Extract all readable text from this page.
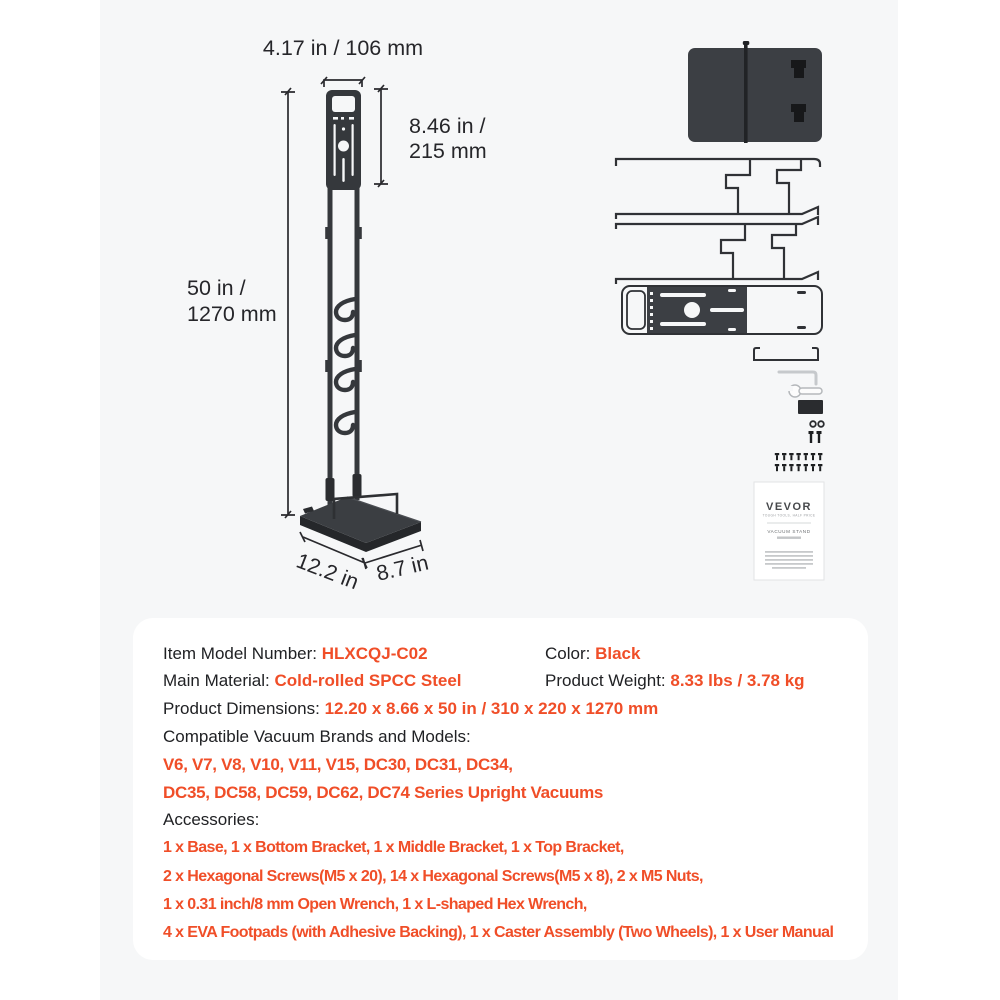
4.17 in / 106 mm
8.46 in /
215 mm
50 in /
1270 mm
12.2 in 8.7 in
VEVOR
TOUGH TOOLS, HALF PRICE
VACUUM STAND
Item Model Number: HLXCQJ-C02	Color: Black
Main Material: Cold-rolled SPCC Steel	Product Weight: 8.33 lbs / 3.78 kg
Product Dimensions: 12.20 x 8.66 x 50 in / 310 x 220 x 1270 mm
Compatible Vacuum Brands and Models:
V6, V7, V8, V10, V11, V15, DC30, DC31, DC34,
DC35, DC58, DC59, DC62, DC74 Series Upright Vacuums
Accessories:
1 x Base, 1 x Bottom Bracket, 1 x Middle Bracket, 1 x Top Bracket,
2 x Hexagonal Screws(M5 x 20), 14 x Hexagonal Screws(M5 x 8), 2 x M5 Nuts,
1 x 0.31 inch/8 mm Open Wrench, 1 x L-shaped Hex Wrench,
4 x EVA Footpads (with Adhesive Backing), 1 x Caster Assembly (Two Wheels), 1 x User Manual
